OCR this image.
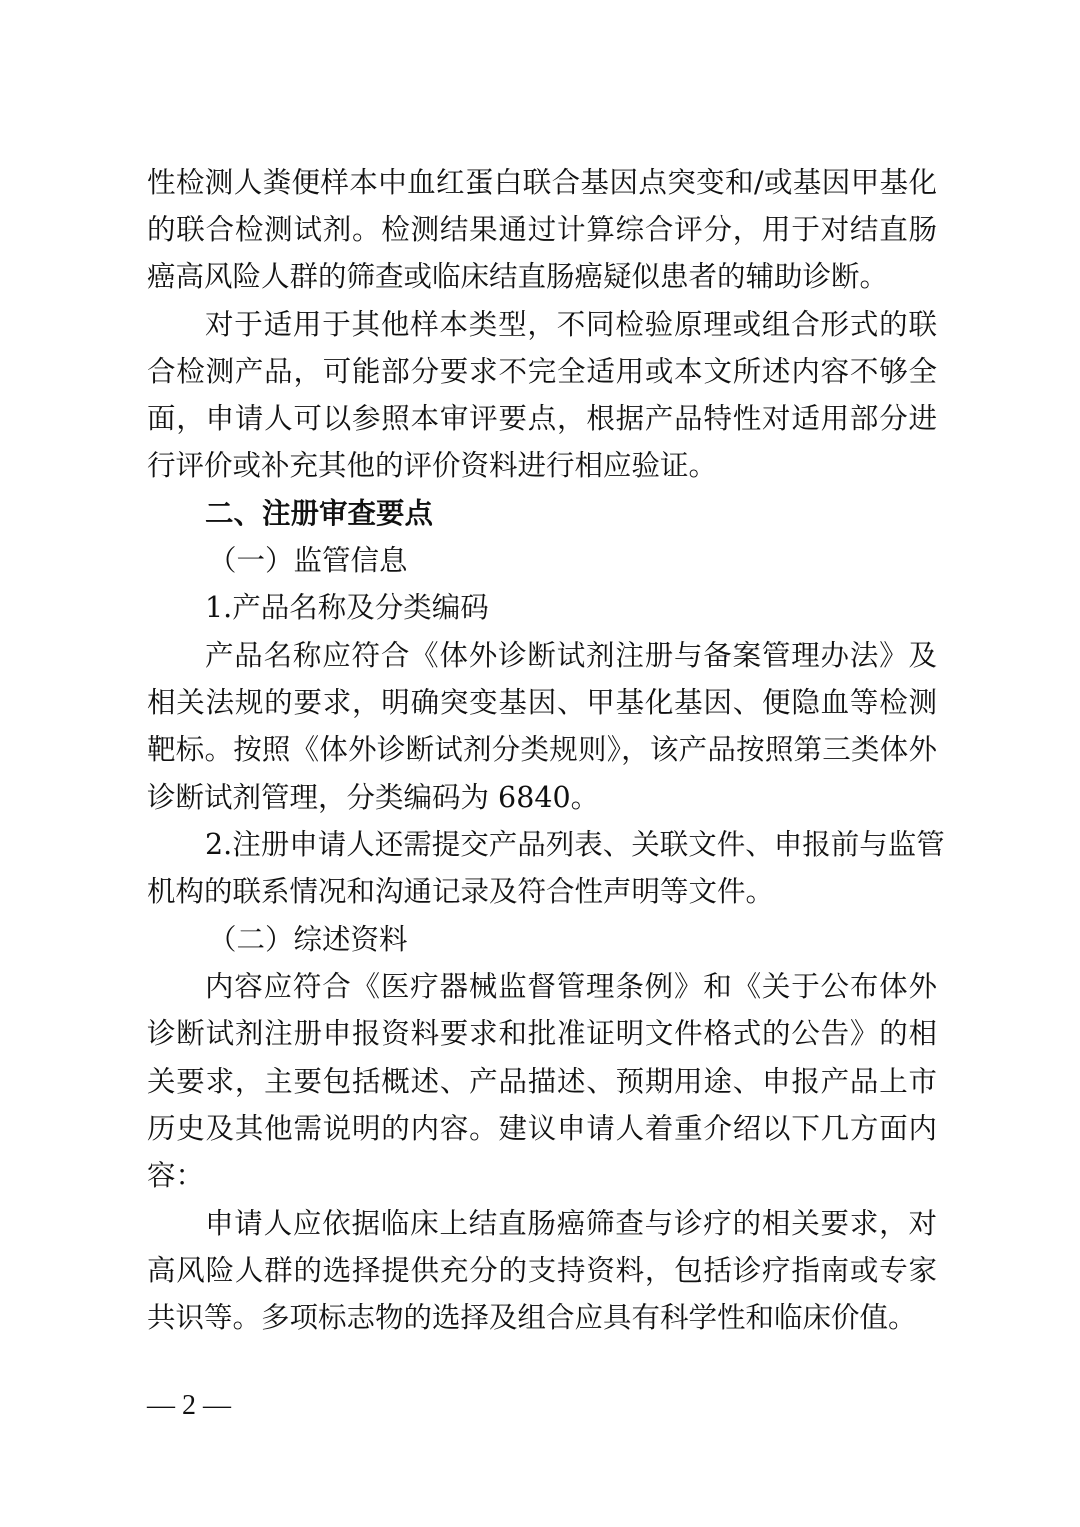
性检测人粪便样本中血红蛋白联合基因点突变和/或基因甲基化
的联合检测试剂。检测结果通过计算综合评分，用于对结直肠
癌高风险人群的筛查或临床结直肠癌疑似患者的辅助诊断。
对于适用于其他样本类型，不同检验原理或组合形式的联
合检测产品，可能部分要求不完全适用或本文所述内容不够全
面，申请人可以参照本审评要点，根据产品特性对适用部分进
行评价或补充其他的评价资料进行相应验证。
二、注册审查要点
（一）监管信息
1.产品名称及分类编码
产品名称应符合《体外诊断试剂注册与备案管理办法》及
相关法规的要求，明确突变基因、甲基化基因、便隐血等检测
靶标。按照《体外诊断试剂分类规则》，该产品按照第三类体外
诊断试剂管理，分类编码为 6840。
2.注册申请人还需提交产品列表、关联文件、申报前与监管
机构的联系情况和沟通记录及符合性声明等文件。
（二）综述资料
内容应符合《医疗器械监督管理条例》和《关于公布体外
诊断试剂注册申报资料要求和批准证明文件格式的公告》的相
关要求，主要包括概述、产品描述、预期用途、申报产品上市
历史及其他需说明的内容。建议申请人着重介绍以下几方面内
容：
申请人应依据临床上结直肠癌筛查与诊疗的相关要求，对
高风险人群的选择提供充分的支持资料，包括诊疗指南或专家
共识等。多项标志物的选择及组合应具有科学性和临床价值。
— 2 —
